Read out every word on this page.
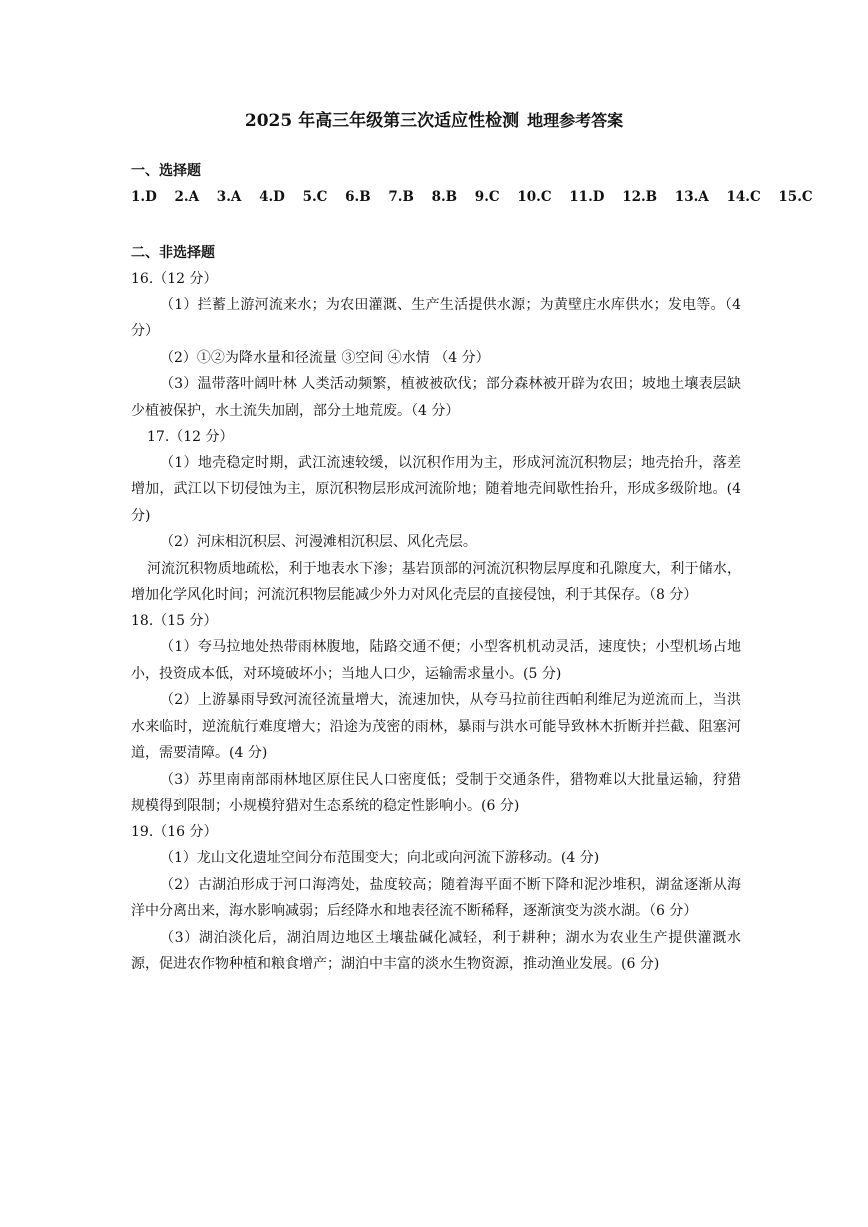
2025 年高三年级第三次适应性检测 地理参考答案
一、选择题
1.D 2.A 3.A 4.D 5.C 6.B 7.B 8.B 9.C 10.C 11.D 12.B 13.A 14.C 15.C
二、非选择题
16.（12 分）

（1）拦蓄上游河流来水；为农田灌溉、生产生活提供水源；为黄壁庄水库供水；发电等。（4 分）

（2）①②为降水量和径流量 ③空间 ④水情 （4 分）

（3）温带落叶阔叶林 人类活动频繁，植被被砍伐；部分森林被开辟为农田；坡地土壤表层缺少植被保护，水土流失加剧，部分土地荒废。（4 分）

17.（12 分）

（1）地壳稳定时期，武江流速较缓，以沉积作用为主，形成河流沉积物层；地壳抬升，落差增加，武江以下切侵蚀为主，原沉积物层形成河流阶地；随着地壳间歇性抬升，形成多级阶地。(4 分)

（2）河床相沉积层、河漫滩相沉积层、风化壳层。

河流沉积物质地疏松，利于地表水下渗；基岩顶部的河流沉积物层厚度和孔隙度大，利于储水，增加化学风化时间；河流沉积物层能减少外力对风化壳层的直接侵蚀，利于其保存。（8 分）

18.（15 分）

（1）夸马拉地处热带雨林腹地，陆路交通不便；小型客机机动灵活，速度快；小型机场占地小，投资成本低，对环境破坏小；当地人口少，运输需求量小。(5 分)

（2）上游暴雨导致河流径流量增大，流速加快，从夸马拉前往西帕利维尼为逆流而上，当洪水来临时，逆流航行难度增大；沿途为茂密的雨林，暴雨与洪水可能导致林木折断并拦截、阻塞河道，需要清障。(4 分)

（3）苏里南南部雨林地区原住民人口密度低；受制于交通条件，猎物难以大批量运输，狩猎规模得到限制；小规模狩猎对生态系统的稳定性影响小。(6 分)

19.（16 分）

（1）龙山文化遗址空间分布范围变大；向北或向河流下游移动。(4 分)

（2）古湖泊形成于河口海湾处，盐度较高；随着海平面不断下降和泥沙堆积，湖盆逐渐从海洋中分离出来，海水影响减弱；后经降水和地表径流不断稀释，逐渐演变为淡水湖。（6 分）

（3）湖泊淡化后，湖泊周边地区土壤盐碱化减轻，利于耕种；湖水为农业生产提供灌溉水源，促进农作物种植和粮食增产；湖泊中丰富的淡水生物资源，推动渔业发展。(6 分)
